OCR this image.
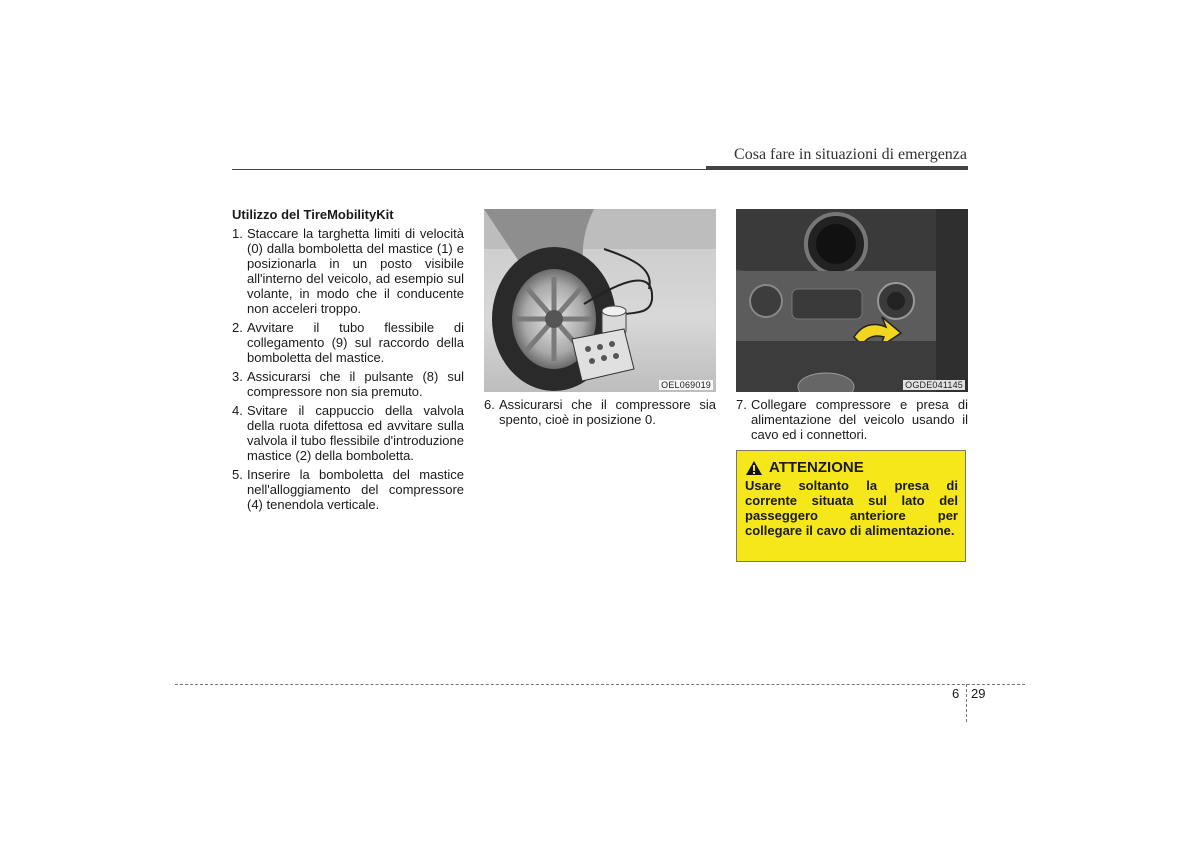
Cosa fare in situazioni di emergenza
Utilizzo del TireMobilityKit
1. Staccare la targhetta limiti di velocità (0) dalla bomboletta del mastice (1) e posizionarla in un posto visibile all'interno del veicolo, ad esempio sul volante, in modo che il conducente non acceleri troppo.
2. Avvitare il tubo flessibile di collegamento (9) sul raccordo della bomboletta del mastice.
3. Assicurarsi che il pulsante (8) sul compressore non sia premuto.
4. Svitare il cappuccio della valvola della ruota difettosa ed avvitare sulla valvola il tubo flessibile d'introduzione mastice (2) della bomboletta.
5. Inserire la bomboletta del mastice nell'alloggiamento del compressore (4) tenendola verticale.
OEL069019	OGDE041145
6. Assicurarsi che il compressore sia spento, cioè in posizione 0.
7. Collegare compressore e presa di alimentazione del veicolo usando il cavo ed i connettori.
ATTENZIONE
Usare soltanto la presa di corrente situata sul lato del passeggero anteriore per collegare il cavo di alimentazione.
6 29
